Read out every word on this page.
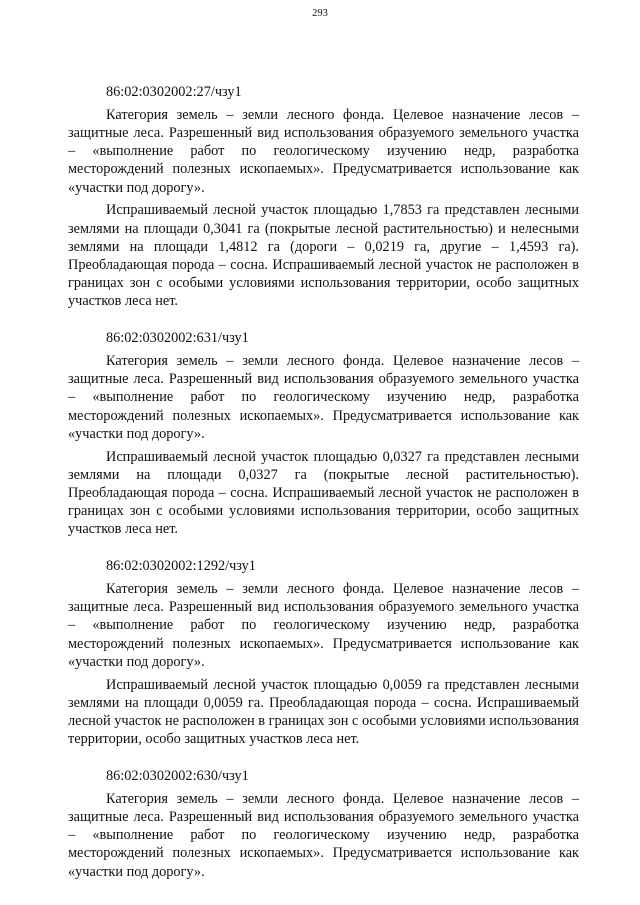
293

86:02:0302002:27/чзу1

Категория земель – земли лесного фонда. Целевое назначение лесов – защитные леса. Разрешенный вид использования образуемого земельного участка – «выполнение работ по геологическому изучению недр, разработка месторождений полезных ископаемых». Предусматривается использование как «участки под дорогу».

Испрашиваемый лесной участок площадью 1,7853 га представлен лесными землями на площади 0,3041 га (покрытые лесной растительностью) и нелесными землями на площади 1,4812 га (дороги – 0,0219 га, другие – 1,4593 га). Преобладающая порода – сосна. Испрашиваемый лесной участок не расположен в границах зон с особыми условиями использования территории, особо защитных участков леса нет.

86:02:0302002:631/чзу1

Категория земель – земли лесного фонда. Целевое назначение лесов – защитные леса. Разрешенный вид использования образуемого земельного участка – «выполнение работ по геологическому изучению недр, разработка месторождений полезных ископаемых». Предусматривается использование как «участки под дорогу».

Испрашиваемый лесной участок площадью 0,0327 га представлен лесными землями на площади 0,0327 га (покрытые лесной растительностью). Преобладающая порода – сосна. Испрашиваемый лесной участок не расположен в границах зон с особыми условиями использования территории, особо защитных участков леса нет.

86:02:0302002:1292/чзу1

Категория земель – земли лесного фонда. Целевое назначение лесов – защитные леса. Разрешенный вид использования образуемого земельного участка – «выполнение работ по геологическому изучению недр, разработка месторождений полезных ископаемых». Предусматривается использование как «участки под дорогу».

Испрашиваемый лесной участок площадью 0,0059 га представлен лесными землями на площади 0,0059 га. Преобладающая порода – сосна. Испрашиваемый лесной участок не расположен в границах зон с особыми условиями использования территории, особо защитных участков леса нет.

86:02:0302002:630/чзу1

Категория земель – земли лесного фонда. Целевое назначение лесов – защитные леса. Разрешенный вид использования образуемого земельного участка – «выполнение работ по геологическому изучению недр, разработка месторождений полезных ископаемых». Предусматривается использование как «участки под дорогу».
